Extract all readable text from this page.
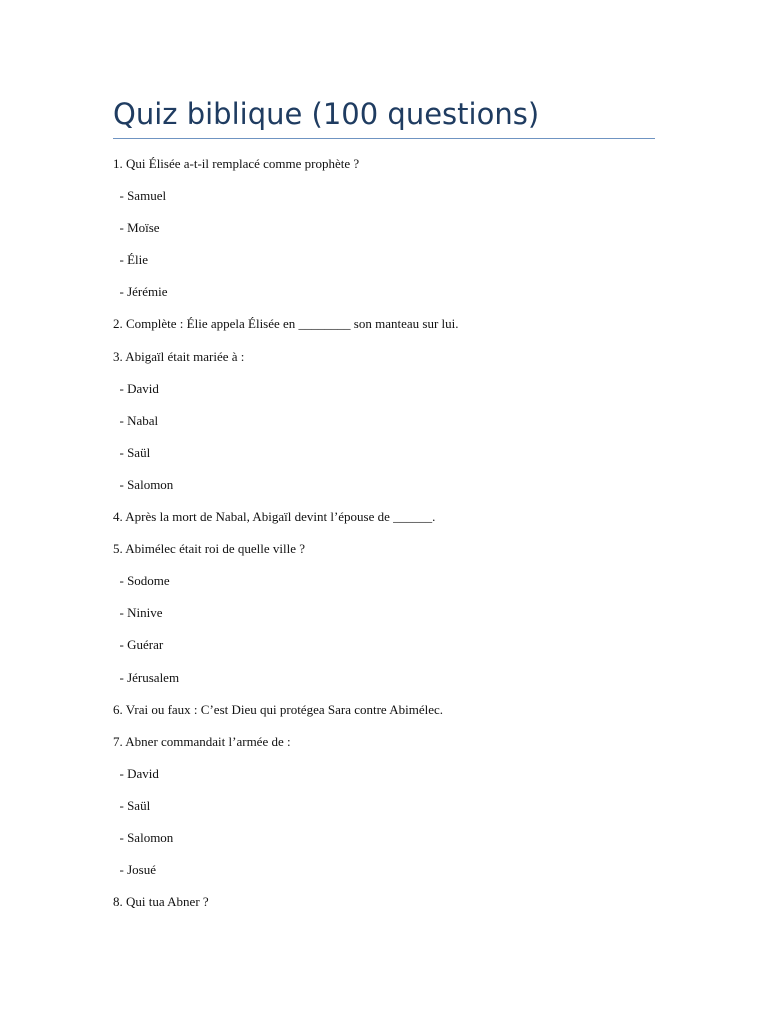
Quiz biblique (100 questions)
1. Qui Élisée a-t-il remplacé comme prophète ?
- Samuel
- Moïse
- Élie
- Jérémie
2. Complète : Élie appela Élisée en ________ son manteau sur lui.
3. Abigaïl était mariée à :
- David
- Nabal
- Saül
- Salomon
4. Après la mort de Nabal, Abigaïl devint l’épouse de ______.
5. Abimélec était roi de quelle ville ?
- Sodome
- Ninive
- Guérar
- Jérusalem
6. Vrai ou faux : C’est Dieu qui protégea Sara contre Abimélec.
7. Abner commandait l’armée de :
- David
- Saül
- Salomon
- Josué
8. Qui tua Abner ?
